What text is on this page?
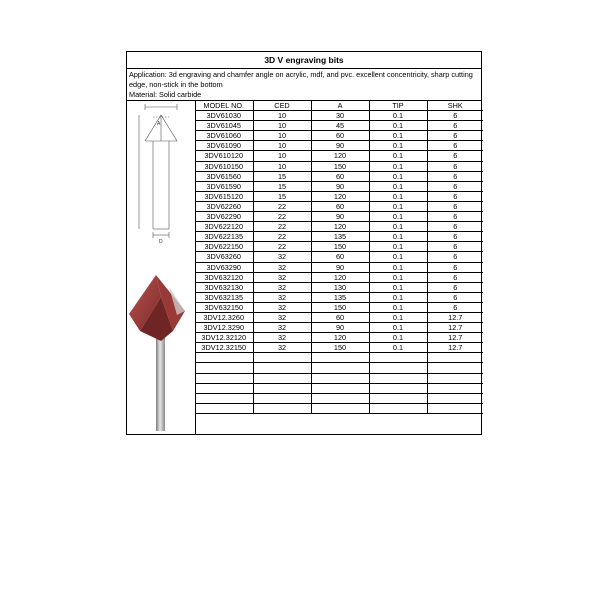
3D V engraving bits
Application: 3d engraving and chamfer angle on acrylic, mdf, and pvc. excellent concentricity, sharp cutting edge, non-stick in the bottom
Material: Solid carbide
A
D
MODEL NO.	CED	A	TIP	SHK
3DV61030	10	30	0.1	6
3DV61045	10	45	0.1	6
3DV61060	10	60	0.1	6
3DV61090	10	90	0.1	6
3DV610120	10	120	0.1	6
3DV610150	10	150	0.1	6
3DV61560	15	60	0.1	6
3DV61590	15	90	0.1	6
3DV615120	15	120	0.1	6
3DV62260	22	60	0.1	6
3DV62290	22	90	0.1	6
3DV622120	22	120	0.1	6
3DV622135	22	135	0.1	6
3DV622150	22	150	0.1	6
3DV63260	32	60	0.1	6
3DV63290	32	90	0.1	6
3DV632120	32	120	0.1	6
3DV632130	32	130	0.1	6
3DV632135	32	135	0.1	6
3DV632150	32	150	0.1	6
3DV12.3260	32	60	0.1	12.7
3DV12.3290	32	90	0.1	12.7
3DV12.32120	32	120	0.1	12.7
3DV12.32150	32	150	0.1	12.7
